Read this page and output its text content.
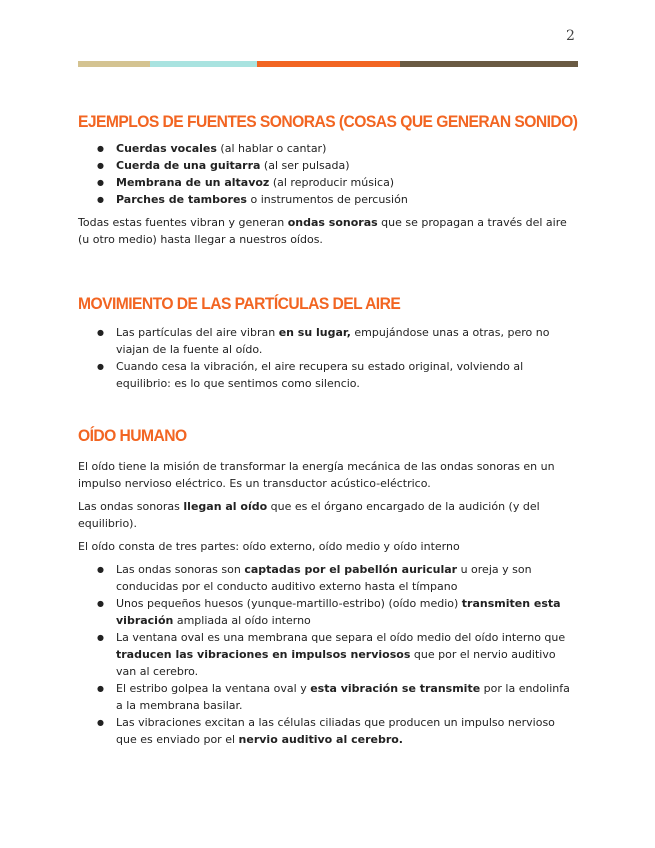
2
EJEMPLOS DE FUENTES SONORAS (COSAS QUE GENERAN SONIDO)
● Cuerdas vocales (al hablar o cantar)
● Cuerda de una guitarra (al ser pulsada)
● Membrana de un altavoz (al reproducir música)
● Parches de tambores o instrumentos de percusión

Todas estas fuentes vibran y generan ondas sonoras que se propagan a través del aire (u otro medio) hasta llegar a nuestros oídos.

MOVIMIENTO DE LAS PARTÍCULAS DEL AIRE
● Las partículas del aire vibran en su lugar, empujándose unas a otras, pero no viajan de la fuente al oído.
● Cuando cesa la vibración, el aire recupera su estado original, volviendo al equilibrio: es lo que sentimos como silencio.
OÍDO HUMANO

El oído tiene la misión de transformar la energía mecánica de las ondas sonoras en un impulso nervioso eléctrico. Es un transductor acústico-eléctrico.

Las ondas sonoras llegan al oído que es el órgano encargado de la audición (y del equilibrio).

El oído consta de tres partes: oído externo, oído medio y oído interno

● Las ondas sonoras son captadas por el pabellón auricular u oreja y son conducidas por el conducto auditivo externo hasta el tímpano
● Unos pequeños huesos (yunque-martillo-estribo) (oído medio) transmiten esta vibración ampliada al oído interno
● La ventana oval es una membrana que separa el oído medio del oído interno que traducen las vibraciones en impulsos nerviosos que por el nervio auditivo van al cerebro.
● El estribo golpea la ventana oval y esta vibración se transmite por la endolinfa a la membrana basilar.
● Las vibraciones excitan a las células ciliadas que producen un impulso nervioso que es enviado por el nervio auditivo al cerebro.
